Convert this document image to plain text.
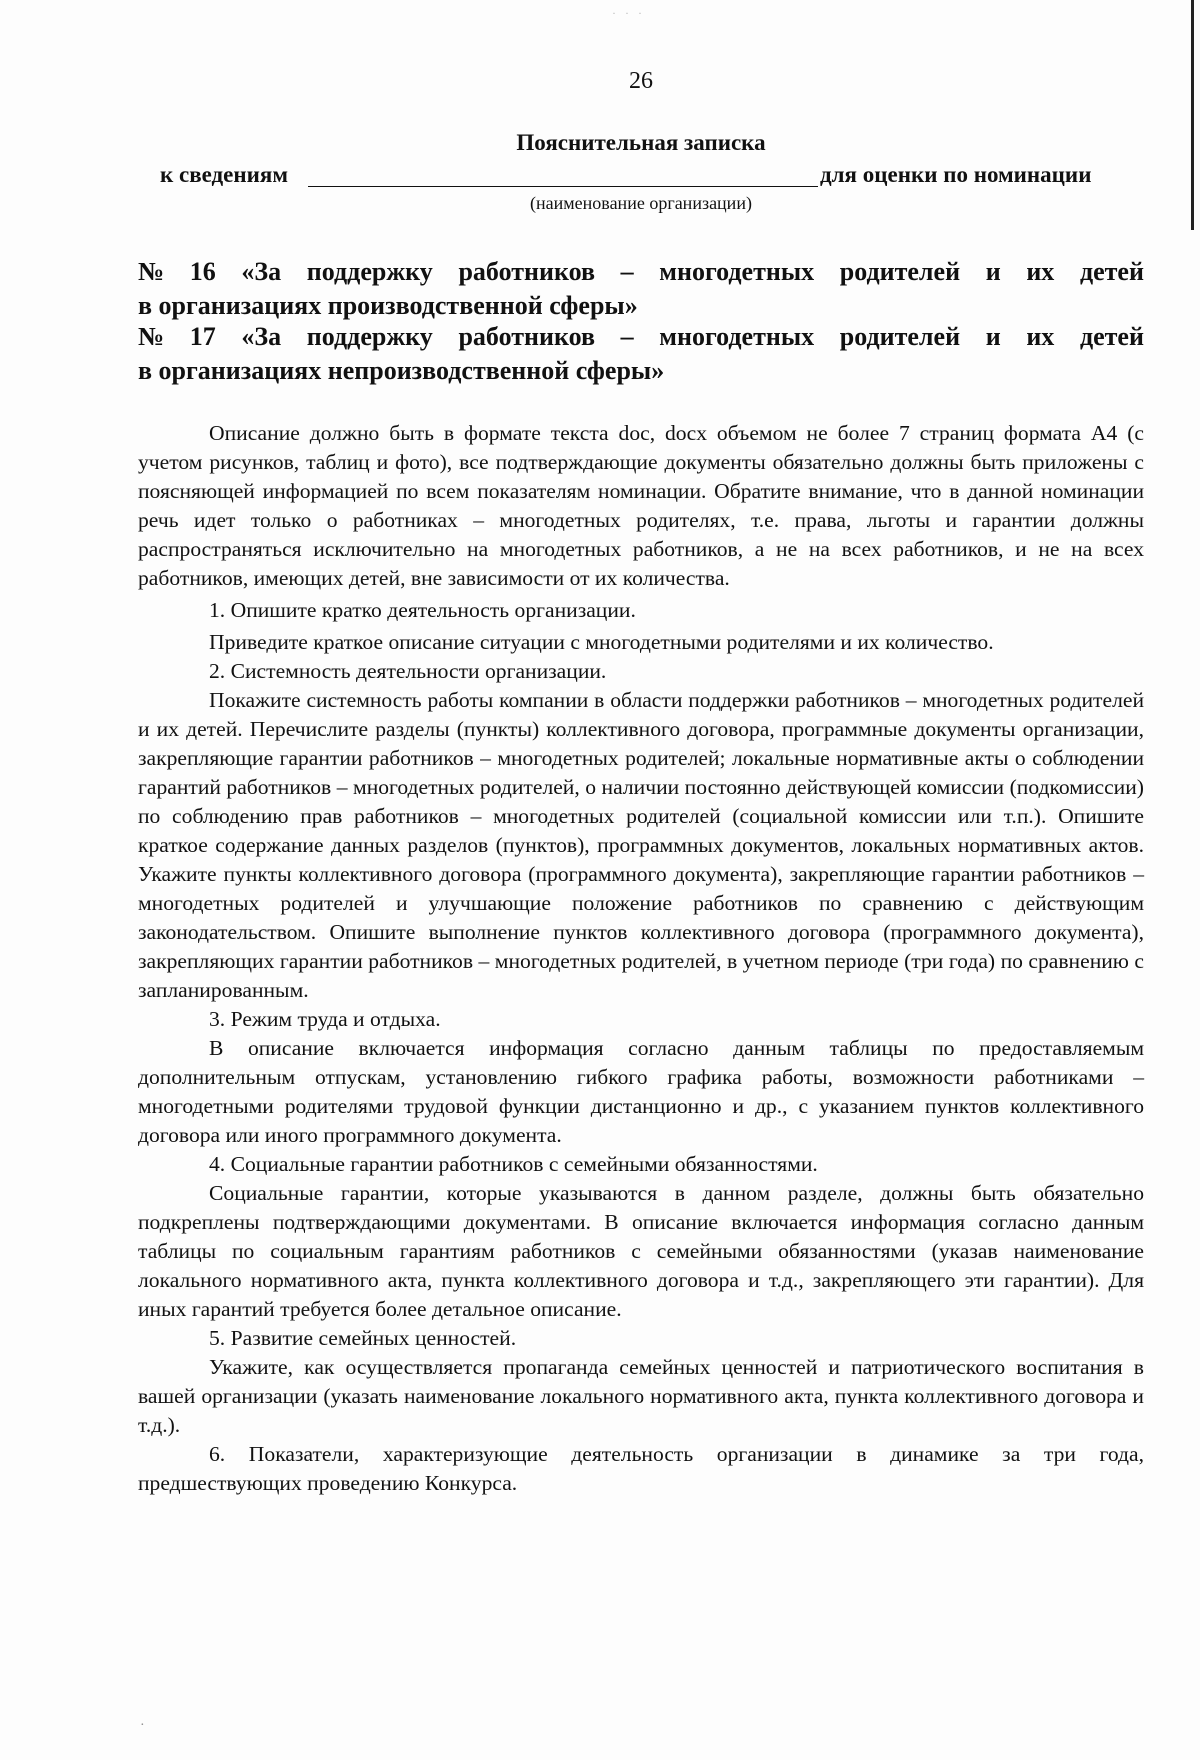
· · ·
26
Пояснительная записка
к сведениям	для оценки по номинации
(наименование организации)
№ 16 «За поддержку работников – многодетных родителей и их детей
в организациях производственной сферы»
№ 17 «За поддержку работников – многодетных родителей и их детей
в организациях непроизводственной сферы»

Описание должно быть в формате текста doc, docx объемом не более 7 страниц формата А4 (с учетом рисунков, таблиц и фото), все подтверждающие документы обязательно должны быть приложены с поясняющей информацией по всем показателям номинации. Обратите внимание, что в данной номинации речь идет только о работниках – многодетных родителях, т.е. права, льготы и гарантии должны распространяться исключительно на многодетных работников, а не на всех работников, и не на всех работников, имеющих детей, вне зависимости от их количества.

1. Опишите кратко деятельность организации.

Приведите краткое описание ситуации с многодетными родителями и их количество.

2. Системность деятельности организации.

Покажите системность работы компании в области поддержки работников – многодетных родителей и их детей. Перечислите разделы (пункты) коллективного договора, программные документы организации, закрепляющие гарантии работников – многодетных родителей; локальные нормативные акты о соблюдении гарантий работников – многодетных родителей, о наличии постоянно действующей комиссии (подкомиссии) по соблюдению прав работников – многодетных родителей (социальной комиссии или т.п.). Опишите краткое содержание данных разделов (пунктов), программных документов, локальных нормативных актов. Укажите пункты коллективного договора (программного документа), закрепляющие гарантии работников – многодетных родителей и улучшающие положение работников по сравнению с действующим законодательством. Опишите выполнение пунктов коллективного договора (программного документа), закрепляющих гарантии работников – многодетных родителей, в учетном периоде (три года) по сравнению с запланированным.

3. Режим труда и отдыха.

В описание включается информация согласно данным таблицы по предоставляемым дополнительным отпускам, установлению гибкого графика работы, возможности работниками – многодетными родителями трудовой функции дистанционно и др., с указанием пунктов коллективного договора или иного программного документа.

4. Социальные гарантии работников с семейными обязанностями.

Социальные гарантии, которые указываются в данном разделе, должны быть обязательно подкреплены подтверждающими документами. В описание включается информация согласно данным таблицы по социальным гарантиям работников с семейными обязанностями (указав наименование локального нормативного акта, пункта коллективного договора и т.д., закрепляющего эти гарантии). Для иных гарантий требуется более детальное описание.

5. Развитие семейных ценностей.

Укажите, как осуществляется пропаганда семейных ценностей и патриотического воспитания в вашей организации (указать наименование локального нормативного акта, пункта коллективного договора и т.д.).

6. Показатели, характеризующие деятельность организации в динамике за три года, предшествующих проведению Конкурса.

·
